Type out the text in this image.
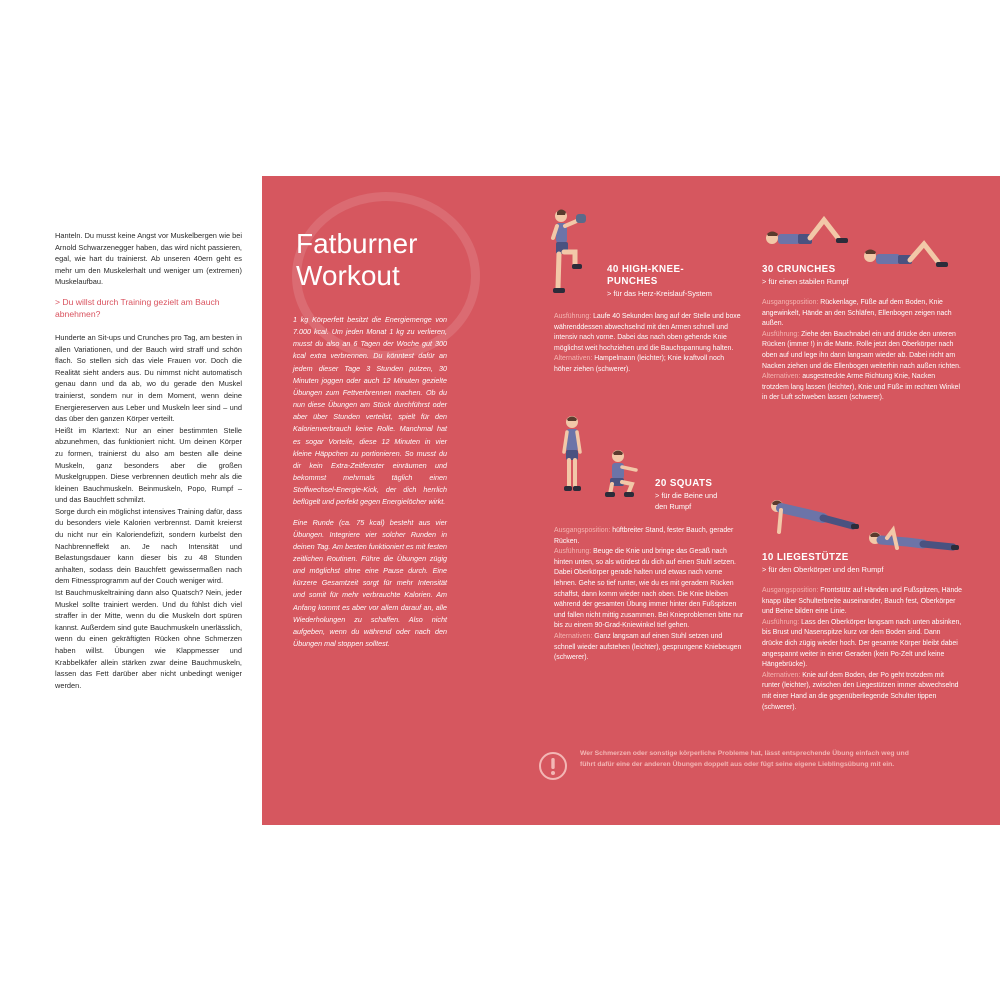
Hanteln. Du musst keine Angst vor Muskelbergen wie bei Arnold Schwarzenegger haben, das wird nicht passieren, egal, wie hart du trainierst. Ab unseren 40ern geht es mehr um den Muskelerhalt und weniger um (extremen) Muskelaufbau.

> Du willst durch Training gezielt am Bauch abnehmen?

Hunderte an Sit-ups und Crunches pro Tag, am besten in allen Variationen, und der Bauch wird straff und schön flach. So stellen sich das viele Frauen vor. Doch die Realität sieht anders aus. Du nimmst nicht automatisch genau dann und da ab, wo du gerade den Muskel trainierst, sondern nur in dem Moment, wenn deine Energiereserven aus Leber und Muskeln leer sind – und das über den ganzen Körper verteilt.

Heißt im Klartext: Nur an einer bestimmten Stelle abzunehmen, das funktioniert nicht. Um deinen Körper zu formen, trainierst du also am besten alle deine Muskeln, ganz besonders aber die großen Muskelgruppen. Diese verbrennen deutlich mehr als die kleinen Bauchmuskeln. Beinmuskeln, Popo, Rumpf – und das Bauchfett schmilzt.

Sorge durch ein möglichst intensives Training dafür, dass du besonders viele Kalorien verbrennst. Damit kreierst du nicht nur ein Kaloriendefizit, sondern kurbelst den Nachbrenneffekt an. Je nach Intensität und Belastungsdauer kann dieser bis zu 48 Stunden anhalten, sodass dein Bauchfett gewissermaßen nach dem Fitnessprogramm auf der Couch weniger wird.

Ist Bauchmuskeltraining dann also Quatsch? Nein, jeder Muskel sollte trainiert werden. Und du fühlst dich viel straffer in der Mitte, wenn du die Muskeln dort spüren kannst. Außerdem sind gute Bauchmuskeln unerlässlich, wenn du einen gekräftigten Rücken ohne Schmerzen haben willst. Übungen wie Klappmesser und Krabbelkäfer allein stärken zwar deine Bauchmuskeln, lassen das Fett darüber aber nicht unbedingt weniger werden.

Fatburner
Workout

1 kg Körperfett besitzt die Energiemenge von 7.000 kcal. Um jeden Monat 1 kg zu verlieren, musst du also an 6 Tagen der Woche gut 300 kcal extra verbrennen. Du könntest dafür an jedem dieser Tage 3 Stunden putzen, 30 Minuten joggen oder auch 12 Minuten gezielte Übungen zum Fettverbrennen machen. Ob du nun diese Übungen am Stück durchführst oder aber über Stunden verteilst, spielt für den Kalorienverbrauch keine Rolle. Manchmal hat es sogar Vorteile, diese 12 Minuten in vier kleine Häppchen zu portionieren. So musst du dir kein Extra-Zeitfenster einräumen und bekommst mehrmals täglich einen Stoffwechsel-Energie-Kick, der dich herrlich beflügelt und perfekt gegen Energielöcher wirkt.

Eine Runde (ca. 75 kcal) besteht aus vier Übungen. Integriere vier solcher Runden in deinen Tag. Am besten funktioniert es mit festen zeitlichen Routinen. Führe die Übungen zügig und möglichst ohne eine Pause durch. Eine kürzere Gesamtzeit sorgt für mehr Intensität und somit für mehr verbrauchte Kalorien. Am Anfang kommt es aber vor allem darauf an, alle Wiederholungen zu schaffen. Also nicht aufgeben, wenn du während oder nach den Übungen mal stoppen solltest.

40 HIGH-KNEE-
PUNCHES

> für das Herz-Kreislauf-System

Ausführung: Laufe 40 Sekunden lang auf der Stelle und boxe währenddessen abwechselnd mit den Armen schnell und intensiv nach vorne. Dabei das nach oben gehende Knie möglichst weit hochziehen und die Bauchspannung halten.

Alternativen: Hampelmann (leichter); Knie kraftvoll noch höher ziehen (schwerer).

30 CRUNCHES

> für einen stabilen Rumpf

Ausgangsposition: Rückenlage, Füße auf dem Boden, Knie angewinkelt, Hände an den Schläfen, Ellenbogen zeigen nach außen.

Ausführung: Ziehe den Bauchnabel ein und drücke den unteren Rücken (immer !) in die Matte. Rolle jetzt den Oberkörper nach oben auf und lege ihn dann langsam wieder ab. Dabei nicht am Nacken ziehen und die Ellenbogen weiterhin nach außen richten.

Alternativen: ausgestreckte Arme Richtung Knie, Nacken trotzdem lang lassen (leichter), Knie und Füße im rechten Winkel in der Luft schweben lassen (schwerer).

20 SQUATS

> für die Beine und
den Rumpf

Ausgangsposition: hüftbreiter Stand, fester Bauch, gerader Rücken.

Ausführung: Beuge die Knie und bringe das Gesäß nach hinten unten, so als würdest du dich auf einen Stuhl setzen. Dabei Oberkörper gerade halten und etwas nach vorne lehnen. Gehe so tief runter, wie du es mit geradem Rücken schaffst, dann komm wieder nach oben. Die Knie bleiben während der gesamten Übung immer hinter den Fußspitzen und fallen nicht mittig zusammen. Bei Knieproblemen bitte nur bis zu einem 90-Grad-Kniewinkel tief gehen.

Alternativen: Ganz langsam auf einen Stuhl setzen und schnell wieder aufstehen (leichter), gesprungene Kniebeugen (schwerer).

10 LIEGESTÜTZE

> für den Oberkörper und den Rumpf

Ausgangsposition: Frontstütz auf Händen und Fußspitzen, Hände knapp über Schulterbreite auseinander, Bauch fest, Oberkörper und Beine bilden eine Linie.

Ausführung: Lass den Oberkörper langsam nach unten absinken, bis Brust und Nasenspitze kurz vor dem Boden sind. Dann drücke dich zügig wieder hoch. Der gesamte Körper bleibt dabei angespannt weiter in einer Geraden (kein Po-Zelt und keine Hängebrücke).

Alternativen: Knie auf dem Boden, der Po geht trotzdem mit runter (leichter), zwischen den Liegestützen immer abwechselnd mit einer Hand an die gegenüberliegende Schulter tippen (schwerer).

Wer Schmerzen oder sonstige körperliche Probleme hat, lässt entsprechende Übung einfach weg und führt dafür eine der anderen Übungen doppelt aus oder fügt seine eigene Lieblingsübung mit ein.
